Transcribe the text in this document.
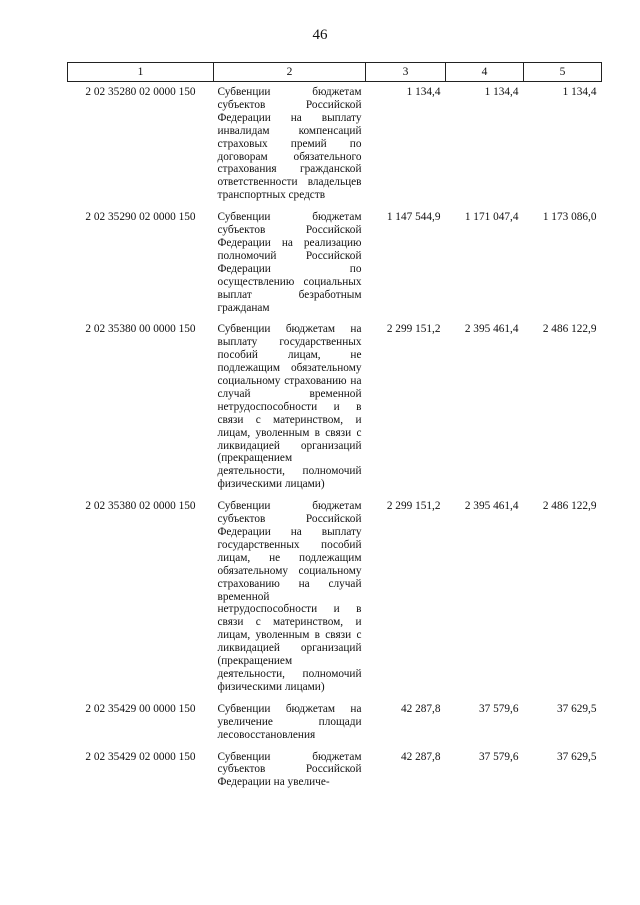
46
1	2	3	4	5
2 02 35280 02 0000 150	Субвенции бюджетам субъектов Российской Федерации на выплату инвалидам компенсаций страховых премий по договорам обязательного страхования гражданской ответственности владельцев транспортных средств	1 134,4	1 134,4	1 134,4
2 02 35290 02 0000 150	Субвенции бюджетам субъектов Российской Федерации на реализацию полномочий Российской Федерации по осуществлению социальных выплат безработным гражданам	1 147 544,9	1 171 047,4	1 173 086,0
2 02 35380 00 0000 150	Субвенции бюджетам на выплату государственных пособий лицам, не подлежащим обязательному социальному страхованию на случай временной нетрудоспособности и в связи с материнством, и лицам, уволенным в связи с ликвидацией организаций (прекращением деятельности, полномочий физическими лицами)	2 299 151,2	2 395 461,4	2 486 122,9
2 02 35380 02 0000 150	Субвенции бюджетам субъектов Российской Федерации на выплату государственных пособий лицам, не подлежащим обязательному социальному страхованию на случай временной нетрудоспособности и в связи с материнством, и лицам, уволенным в связи с ликвидацией организаций (прекращением деятельности, полномочий физическими лицами)	2 299 151,2	2 395 461,4	2 486 122,9
2 02 35429 00 0000 150	Субвенции бюджетам на увеличение площади лесовосстановления	42 287,8	37 579,6	37 629,5
2 02 35429 02 0000 150	Субвенции бюджетам субъектов Российской Федерации на увеличе-	42 287,8	37 579,6	37 629,5
